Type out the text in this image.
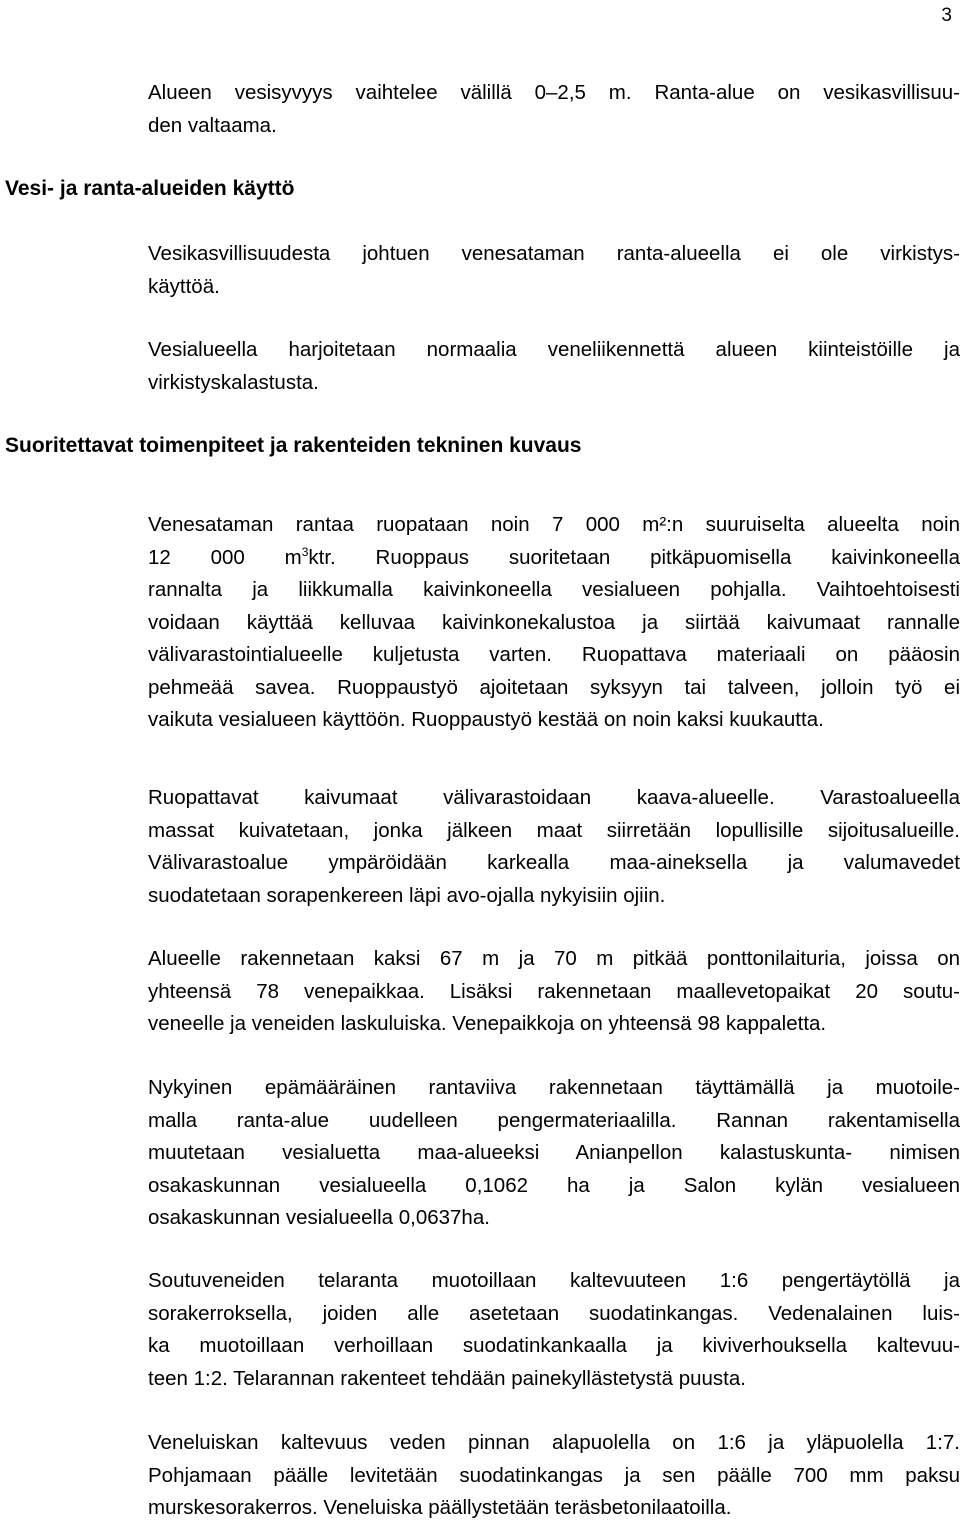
3

Alueen vesisyvyys vaihtelee välillä 0–2,5 m. Ranta-alue on vesikasvillisuu-
den valtaama.

Vesi- ja ranta-alueiden käyttö

Vesikasvillisuudesta johtuen venesataman ranta-alueella ei ole virkistys-
käyttöä.

Vesialueella harjoitetaan normaalia veneliikennettä alueen kiinteistöille ja
virkistyskalastusta.

Suoritettavat toimenpiteet ja rakenteiden tekninen kuvaus

Venesataman rantaa ruopataan noin 7 000 m²:n suuruiselta alueelta noin
12 000 $m^3ktr$. Ruoppaus suoritetaan pitkäpuomisella kaivinkoneella
rannalta ja liikkumalla kaivinkoneella vesialueen pohjalla. Vaihtoehtoisesti
voidaan käyttää kelluvaa kaivinkonekalustoa ja siirtää kaivumaat rannalle
välivarastointialueelle kuljetusta varten. Ruopattava materiaali on pääosin
pehmeää savea. Ruoppaustyö ajoitetaan syksyyn tai talveen, jolloin työ ei
vaikuta vesialueen käyttöön. Ruoppaustyö kestää on noin kaksi kuukautta.

Ruopattavat kaivumaat välivarastoidaan kaava-alueelle. Varastoalueella
massat kuivatetaan, jonka jälkeen maat siirretään lopullisille sijoitusalueille.
Välivarastoalue ympäröidään karkealla maa-aineksella ja valumavedet
suodatetaan sorapenkereen läpi avo-ojalla nykyisiin ojiin.

Alueelle rakennetaan kaksi 67 m ja 70 m pitkää ponttonilaituria, joissa on
yhteensä 78 venepaikkaa. Lisäksi rakennetaan maallevetopaikat 20 soutu-
veneelle ja veneiden laskuluiska. Venepaikkoja on yhteensä 98 kappaletta.

Nykyinen epämääräinen rantaviiva rakennetaan täyttämällä ja muotoile-
malla ranta-alue uudelleen pengermateriaalilla. Rannan rakentamisella
muutetaan vesialuetta maa-alueeksi Anianpellon kalastuskunta- nimisen
osakaskunnan vesialueella 0,1062 ha ja Salon kylän vesialueen
osakaskunnan vesialueella 0,0637ha.

Soutuveneiden telaranta muotoillaan kaltevuuteen 1:6 pengertäytöllä ja
sorakerroksella, joiden alle asetetaan suodatinkangas. Vedenalainen luis-
ka muotoillaan verhoillaan suodatinkankaalla ja kiviverhouksella kaltevuu-
teen 1:2. Telarannan rakenteet tehdään painekyllästetystä puusta.

Veneluiskan kaltevuus veden pinnan alapuolella on 1:6 ja yläpuolella 1:7.
Pohjamaan päälle levitetään suodatinkangas ja sen päälle 700 mm paksu
murskesorakerros. Veneluiska päällystetään teräsbetonilaatoilla.
